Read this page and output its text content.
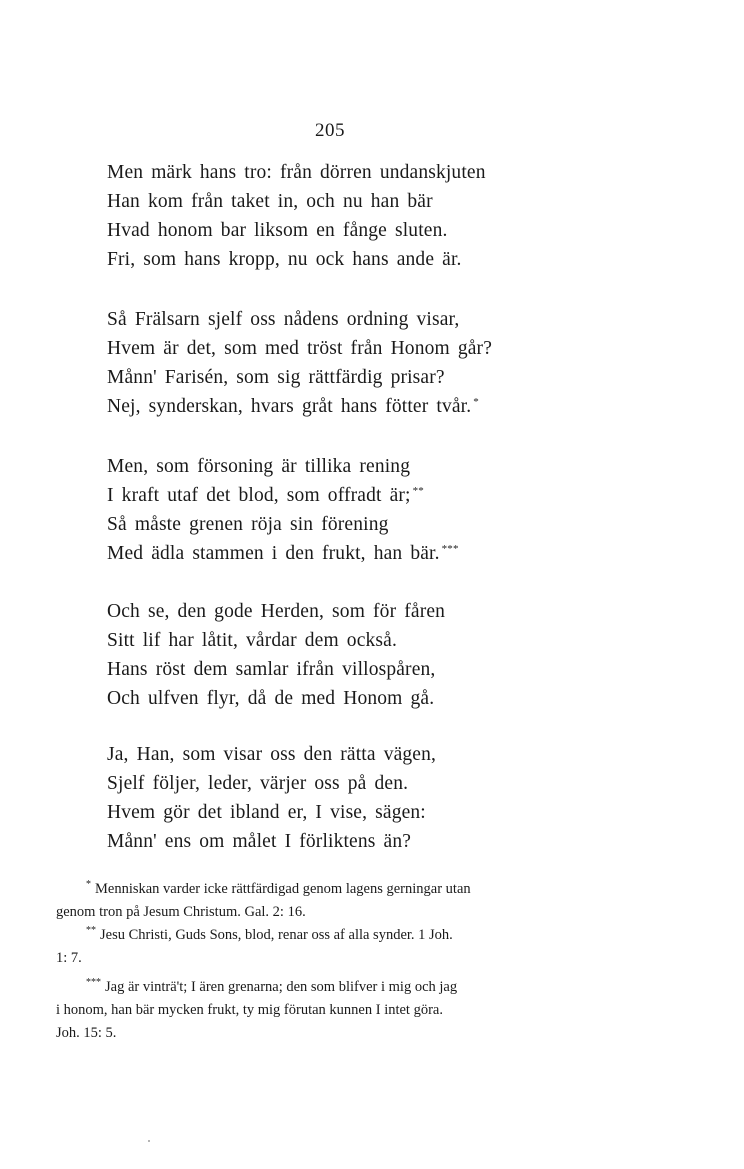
205
Men märk hans tro: från dörren undanskjuten
Han kom från taket in, och nu han bär
Hvad honom bar liksom en fånge sluten.
Fri, som hans kropp, nu ock hans ande är.
Så Frälsarn sjelf oss nådens ordning visar,
Hvem är det, som med tröst från Honom går?
Månn' Farisén, som sig rättfärdig prisar?
Nej, synderskan, hvars gråt hans fötter tvår. *
Men, som försoning är tillika rening
I kraft utaf det blod, som offradt är; **
Så måste grenen röja sin förening
Med ädla stammen i den frukt, han bär. ***
Och se, den gode Herden, som för fåren
Sitt lif har låtit, vårdar dem också.
Hans röst dem samlar ifrån villospåren,
Och ulfven flyr, då de med Honom gå.
Ja, Han, som visar oss den rätta vägen,
Sjelf följer, leder, värjer oss på den.
Hvem gör det ibland er, I vise, sägen:
Månn' ens om målet I förliktens än?
* Menniskan varder icke rättfärdigad genom lagens gerningar utan
genom tron på Jesum Christum. Gal. 2: 16.
** Jesu Christi, Guds Sons, blod, renar oss af alla synder. 1 Joh.
1: 7.
*** Jag är vinträ't; I ären grenarna; den som blifver i mig och jag
i honom, han bär mycken frukt, ty mig förutan kunnen I intet göra.
Joh. 15: 5.
